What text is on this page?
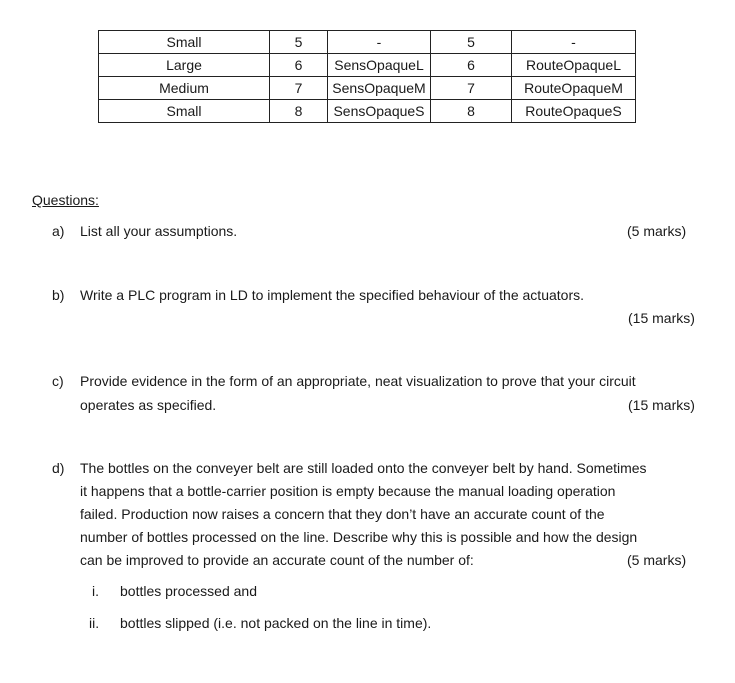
Small	5	-	5	-
Large	6	SensOpaqueL	6	RouteOpaqueL
Medium	7	SensOpaqueM	7	RouteOpaqueM
Small	8	SensOpaqueS	8	RouteOpaqueS
Questions:
a) List all your assumptions.	(5 marks)
b) Write a PLC program in LD to implement the specified behaviour of the actuators.
(15 marks)
c) Provide evidence in the form of an appropriate, neat visualization to prove that your circuit
operates as specified.	(15 marks)
d) The bottles on the conveyer belt are still loaded onto the conveyer belt by hand. Sometimes
it happens that a bottle-carrier position is empty because the manual loading operation
failed. Production now raises a concern that they don’t have an accurate count of the
number of bottles processed on the line. Describe why this is possible and how the design
can be improved to provide an accurate count of the number of:	(5 marks)
i. bottles processed and
ii. bottles slipped (i.e. not packed on the line in time).
